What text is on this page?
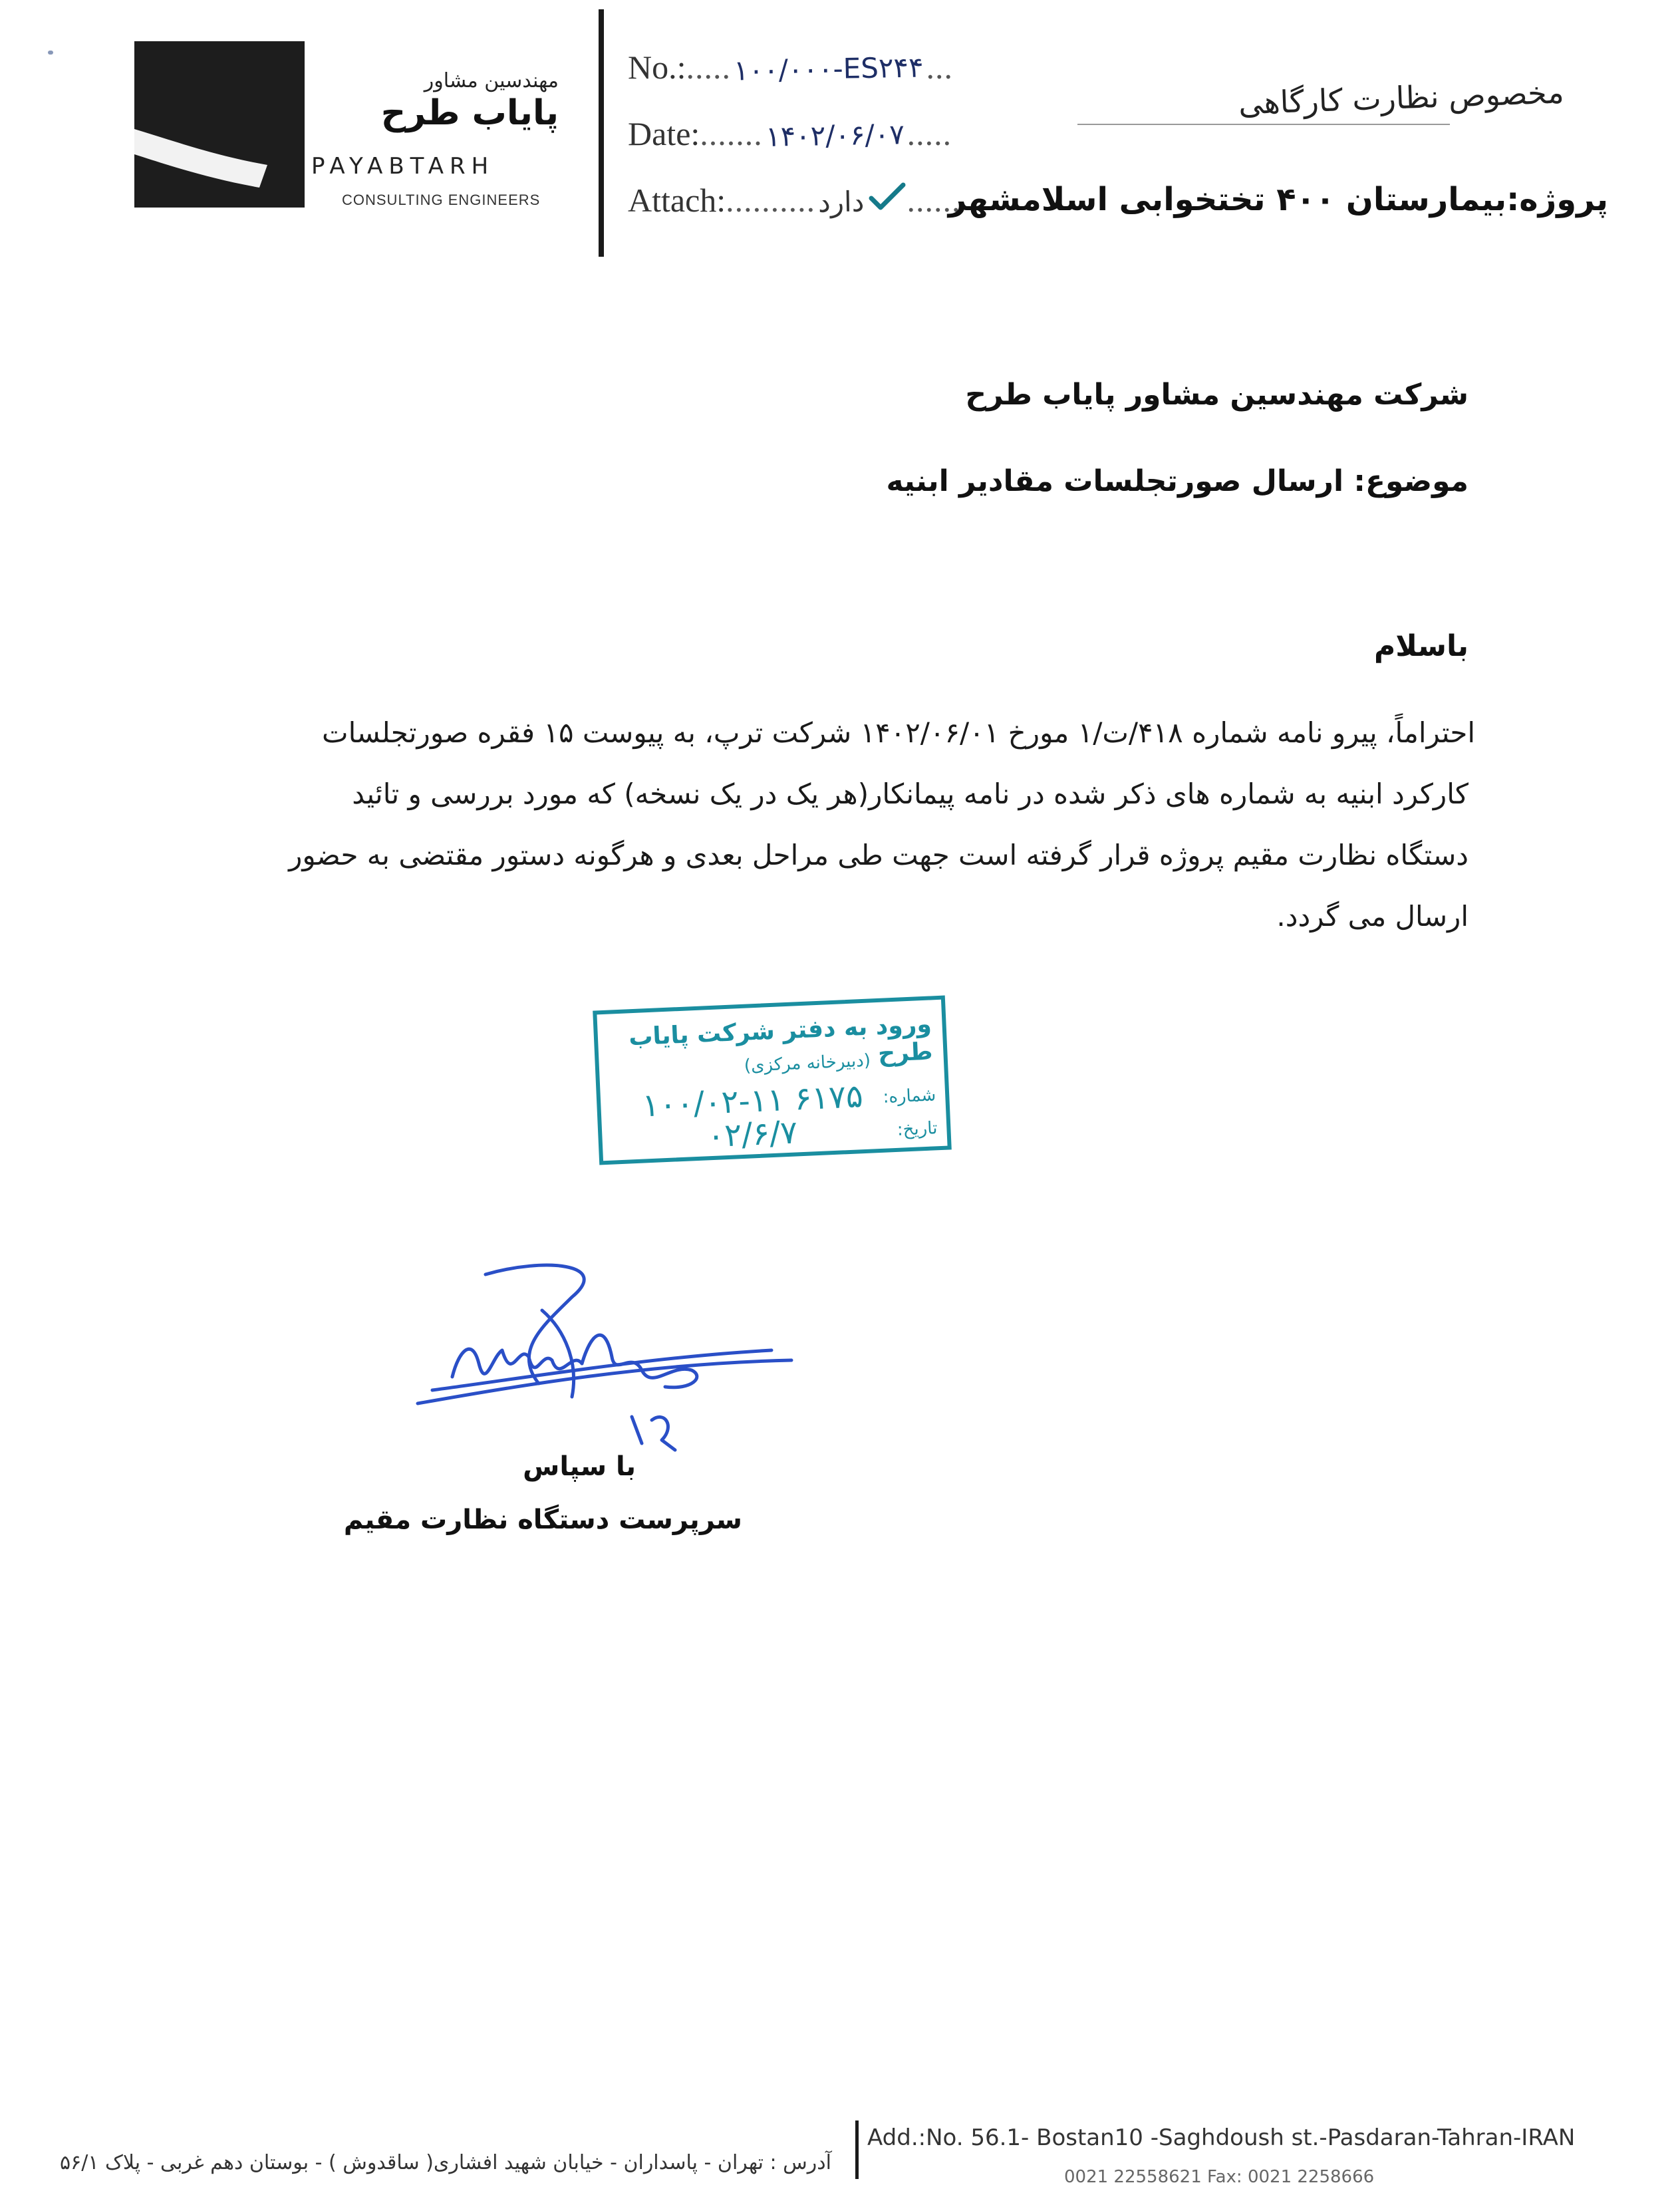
مهندسین مشاور
پایاب طرح
PAYABTARH
CONSULTING ENGINEERS
No.: ..... ۱۰۰/۰۰۰-ES۲۴۴ ...
Date: ....... ۱۴۰۲/۰۶/۰۷ .....
Attach: .......... دارد ......
مخصوص نظارت کارگاهی
پروژه:بیمارستان ۴۰۰ تختخوابی اسلامشهر
شرکت مهندسین مشاور پایاب طرح
موضوع: ارسال صورتجلسات مقادیر ابنیه
باسلام
احتراماً، پیرو نامه شماره ۴۱۸/ت/۱ مورخ ۱۴۰۲/۰۶/۰۱ شرکت ترپ، به پیوست ۱۵ فقره صورتجلسات
کارکرد ابنیه به شماره های ذکر شده در نامه پیمانکار(هر یک در یک نسخه) که مورد بررسی و تائید
دستگاه نظارت مقیم پروژه قرار گرفته است جهت طی مراحل بعدی و هرگونه دستور مقتضی به حضور
ارسال می گردد.
ورود به دفتر شرکت پایاب طرح
(دبیرخانه مرکزی)
شماره:
تاریخ:
۱۰۰/۰۲-۱۱ ۶۱۷۵
۰۲/۶/۷
با سپاس
سرپرست دستگاه نظارت مقیم
آدرس : تهران - پاسداران - خیابان شهید افشاری( ساقدوش ) - بوستان دهم غربی - پلاک ۵۶/۱
Add.:No. 56.1- Bostan10 -Saghdoush st.-Pasdaran-Tahran-IRAN
0021 22558621 Fax: 0021 2258666
